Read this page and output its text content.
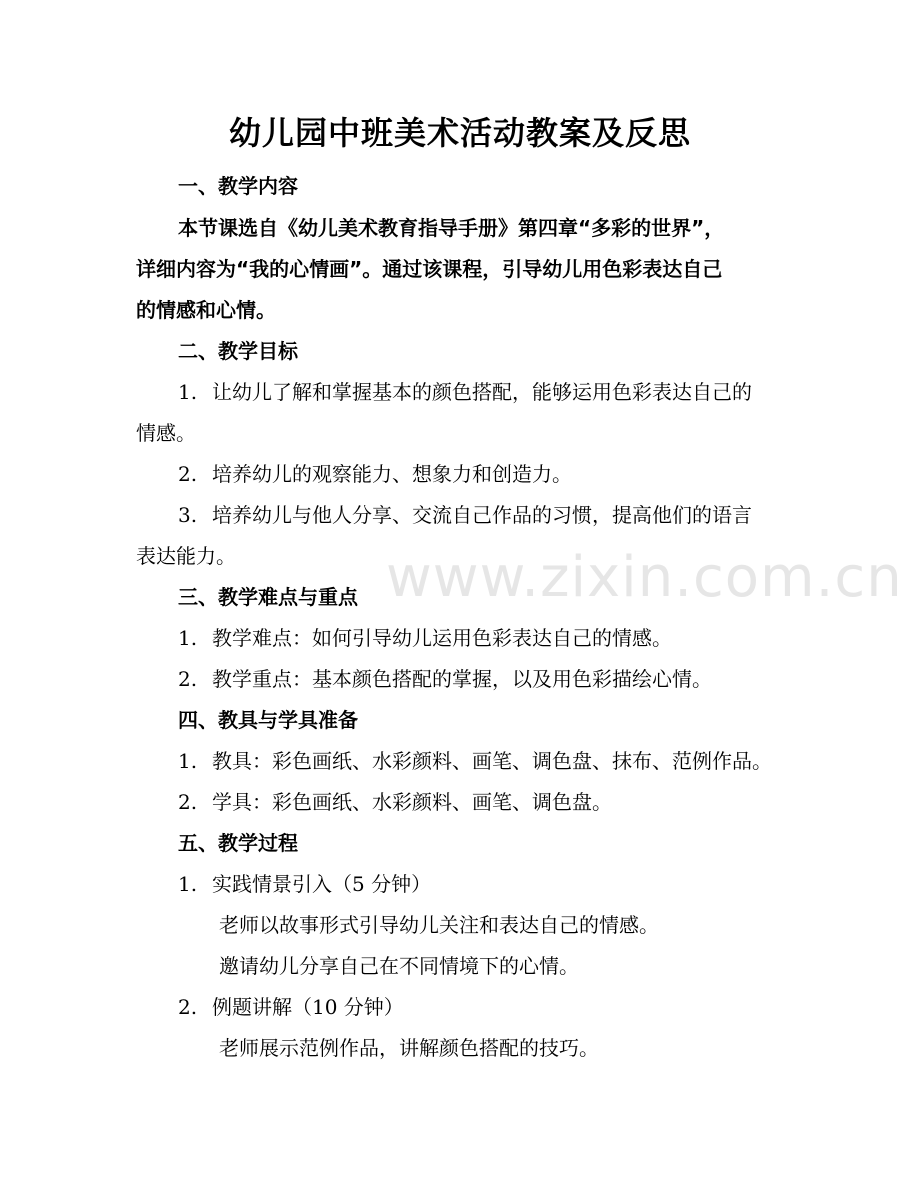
www.zixin.com.cn
幼儿园中班美术活动教案及反思
一、教学内容
本节课选自《幼儿美术教育指导手册》第四章“多彩的世界”，
详细内容为“我的心情画”。通过该课程，引导幼儿用色彩表达自己
的情感和心情。
二、教学目标
1. 让幼儿了解和掌握基本的颜色搭配，能够运用色彩表达自己的
情感。
2. 培养幼儿的观察能力、想象力和创造力。
3. 培养幼儿与他人分享、交流自己作品的习惯，提高他们的语言
表达能力。
三、教学难点与重点
1. 教学难点：如何引导幼儿运用色彩表达自己的情感。
2. 教学重点：基本颜色搭配的掌握，以及用色彩描绘心情。
四、教具与学具准备
1. 教具：彩色画纸、水彩颜料、画笔、调色盘、抹布、范例作品。
2. 学具：彩色画纸、水彩颜料、画笔、调色盘。
五、教学过程
1. 实践情景引入（5 分钟）
老师以故事形式引导幼儿关注和表达自己的情感。
邀请幼儿分享自己在不同情境下的心情。
2. 例题讲解（10 分钟）
老师展示范例作品，讲解颜色搭配的技巧。
